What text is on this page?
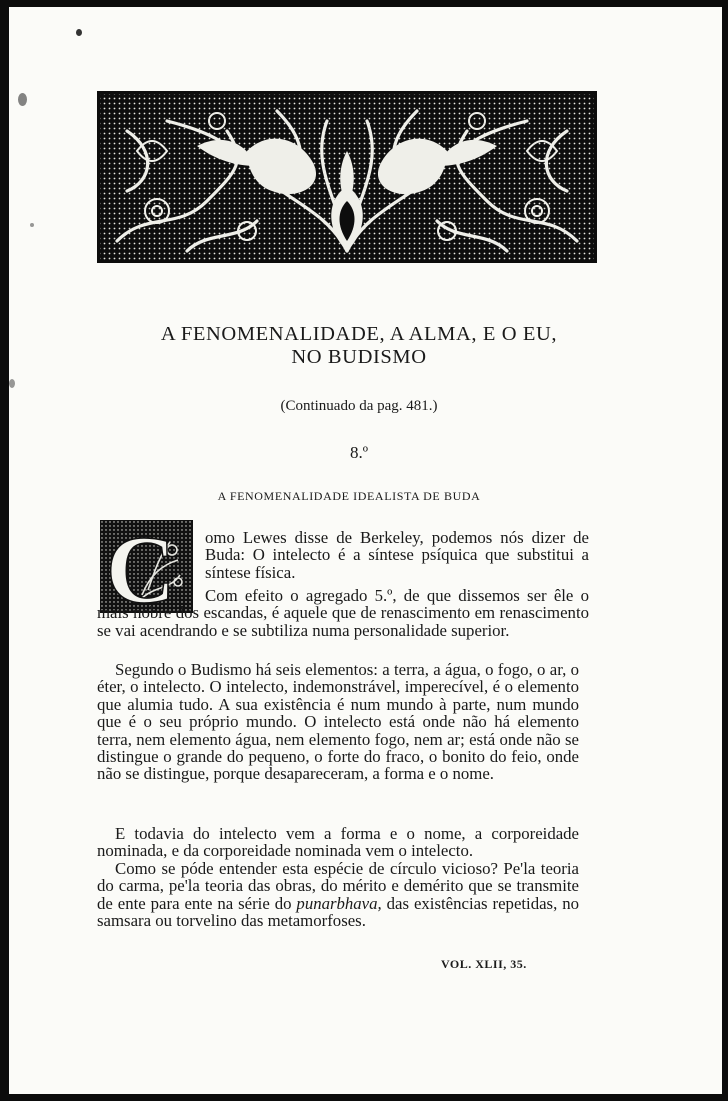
A FENOMENALIDADE, A ALMA, E O EU,
NO BUDISMO
(Continuado da pag. 481.)
8.º
A FENOMENALIDADE IDEALISTA DE BUDA
C omo Lewes disse de Berkeley, podemos nós dizer de Buda: O intelecto é a síntese psíquica que substitui a síntese física.
Com efeito o agregado 5.º, de que dissemos ser êle o mais nobre dos escandas, é aquele que de renascimento em renascimento se vai acendrando e se subtiliza numa personalidade superior.
Segundo o Budismo há seis elementos: a terra, a água, o fogo, o ar, o éter, o intelecto. O intelecto, indemonstrável, imperecível, é o elemento que alumia tudo. A sua existência é num mundo à parte, num mundo que é o seu próprio mundo. O intelecto está onde não há elemento terra, nem elemento água, nem elemento fogo, nem ar; está onde não se distingue o grande do pequeno, o forte do fraco, o bonito do feio, onde não se distingue, porque desapareceram, a forma e o nome.
E todavia do intelecto vem a forma e o nome, a corporeidade nominada, e da corporeidade nominada vem o intelecto.
Como se póde entender esta espécie de círculo vicioso? Pe'la teoria do carma, pe'la teoria das obras, do mérito e demérito que se transmite de ente para ente na série do punarbhava, das existências repetidas, no samsara ou torvelino das metamorfoses.
VOL. XLII, 35.
